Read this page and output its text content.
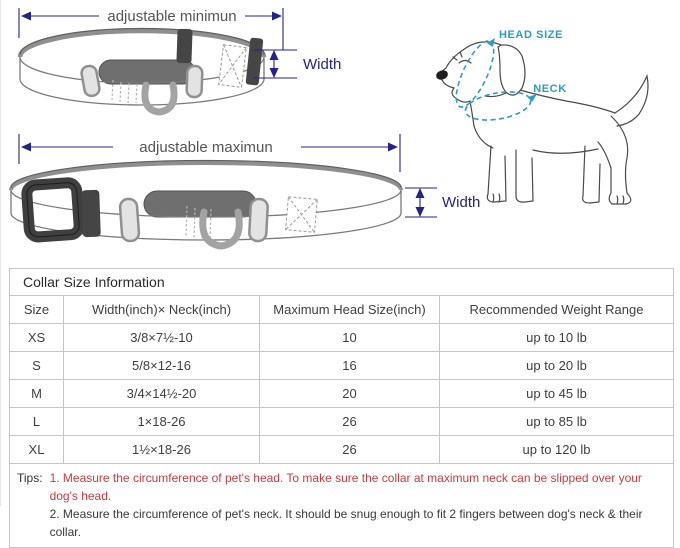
adjustable minimun
Width
HEAD SIZE
NECK
adjustable maximun
Width
Collar Size Information			
Size	Width(inch)× Neck(inch)	Maximum Head Size(inch)	Recommended Weight Range
XS	3/8×7½-10	10	up to 10 lb
S	5/8×12-16	16	up to 20 lb
M	3/4×14½-20	20	up to 45 lb
L	1×18-26	26	up to 85 lb
XL	1½×18-26	26	up to 120 lb

Tips: 1. Measure the circumference of pet's head. To make sure the collar at maximum neck can be slipped over your dog's head.
2. Measure the circumference of pet's neck. It should be snug enough to fit 2 fingers between dog's neck & their collar.			
